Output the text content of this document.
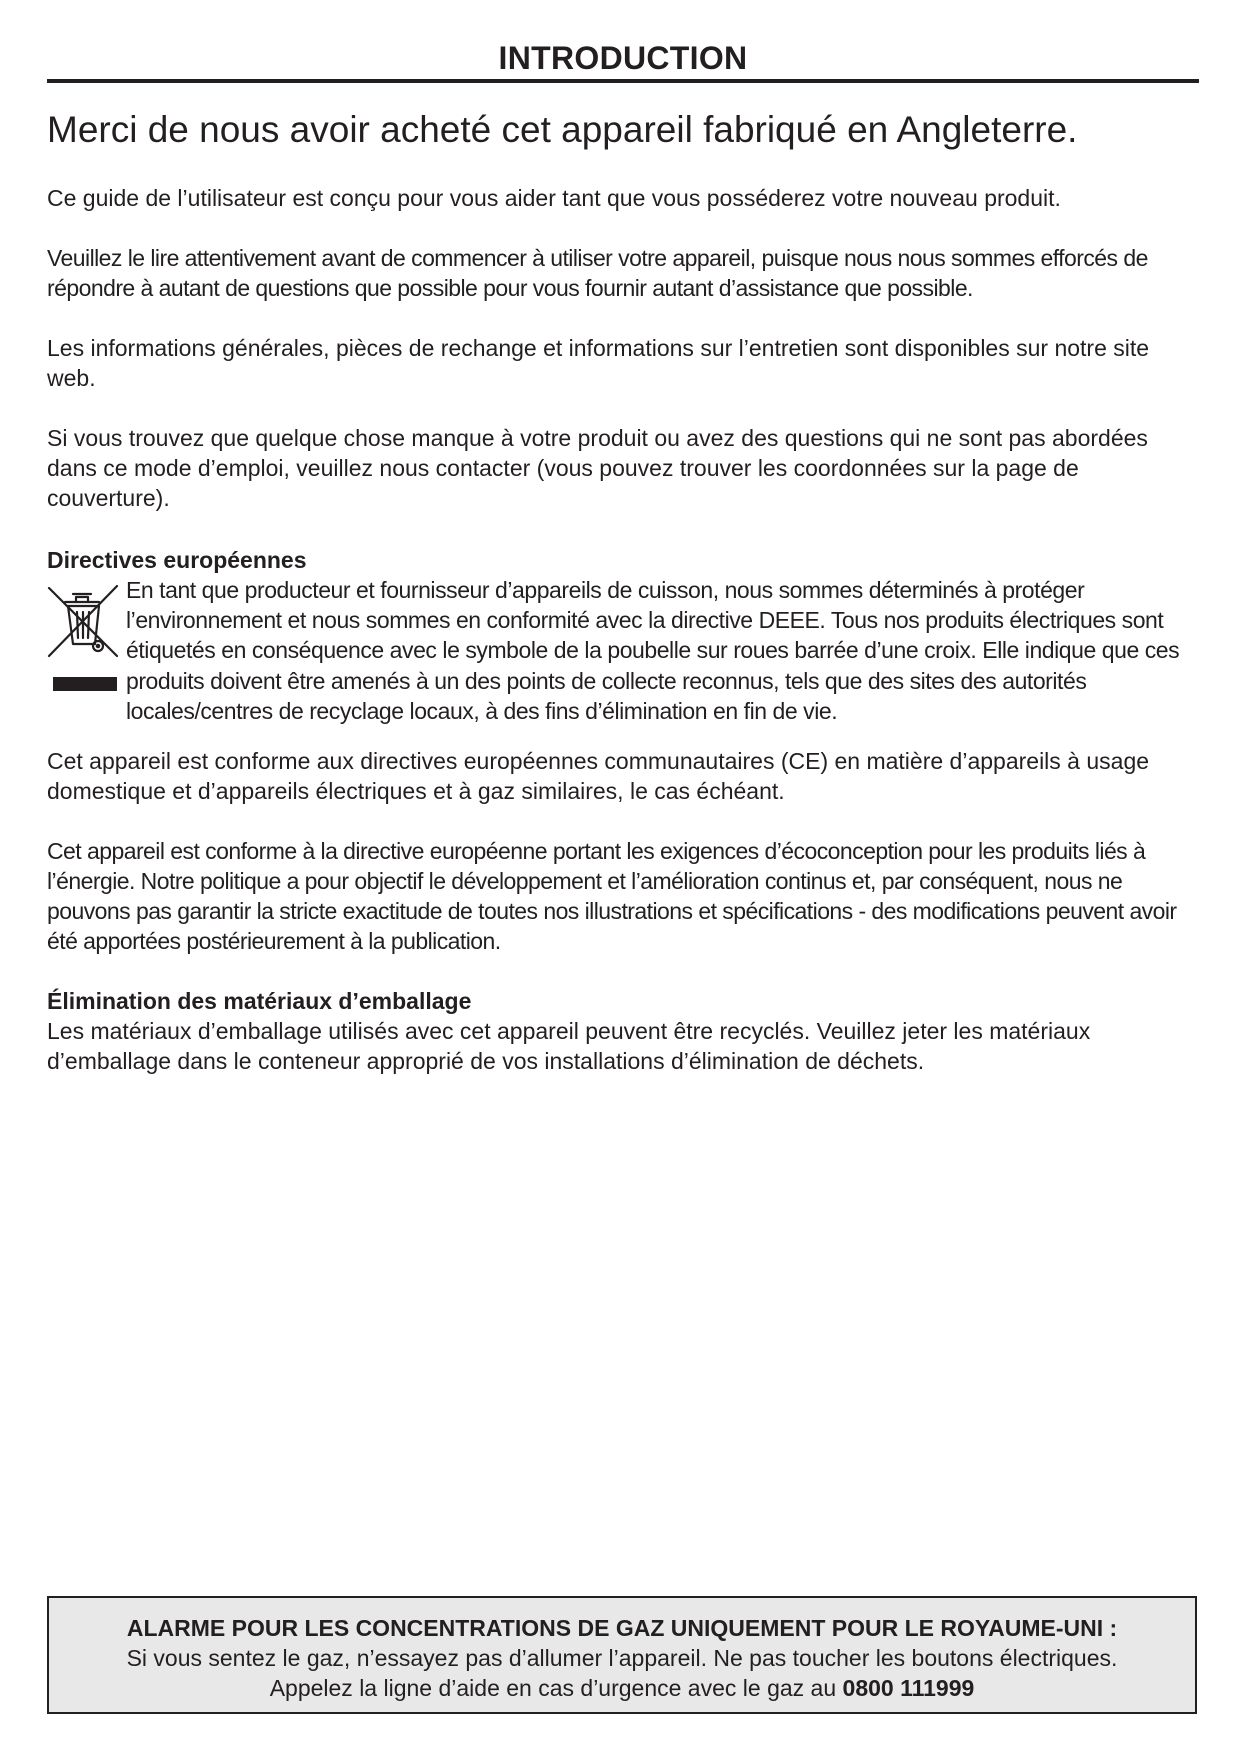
INTRODUCTION
Merci de nous avoir acheté cet appareil fabriqué en Angleterre.

Ce guide de l’utilisateur est conçu pour vous aider tant que vous posséderez votre nouveau produit.

Veuillez le lire attentivement avant de commencer à utiliser votre appareil, puisque nous nous sommes efforcés de répondre à autant de questions que possible pour vous fournir autant d’assistance que possible.

Les informations générales, pièces de rechange et informations sur l’entretien sont disponibles sur notre site web.

Si vous trouvez que quelque chose manque à votre produit ou avez des questions qui ne sont pas abordées dans ce mode d’emploi, veuillez nous contacter (vous pouvez trouver les coordonnées sur la page de couverture).

Directives européennes

En tant que producteur et fournisseur d’appareils de cuisson, nous sommes déterminés à protéger l’environnement et nous sommes en conformité avec la directive DEEE. Tous nos produits électriques sont étiquetés en conséquence avec le symbole de la poubelle sur roues barrée d’une croix. Elle indique que ces produits doivent être amenés à un des points de collecte reconnus, tels que des sites des autorités locales/centres de recyclage locaux, à des fins d’élimination en fin de vie.

Cet appareil est conforme aux directives européennes communautaires (CE) en matière d’appareils à usage domestique et d’appareils électriques et à gaz similaires, le cas échéant.

Cet appareil est conforme à la directive européenne portant les exigences d’écoconception pour les produits liés à l’énergie. Notre politique a pour objectif le développement et l’amélioration continus et, par conséquent, nous ne pouvons pas garantir la stricte exactitude de toutes nos illustrations et spécifications - des modifications peuvent avoir été apportées postérieurement à la publication.

Élimination des matériaux d’emballage

Les matériaux d’emballage utilisés avec cet appareil peuvent être recyclés. Veuillez jeter les matériaux d’emballage dans le conteneur approprié de vos installations d’élimination de déchets.

ALARME POUR LES CONCENTRATIONS DE GAZ UNIQUEMENT POUR LE ROYAUME-UNI :
Si vous sentez le gaz, n’essayez pas d’allumer l’appareil. Ne pas toucher les boutons électriques.
Appelez la ligne d’aide en cas d’urgence avec le gaz au 0800 111999
